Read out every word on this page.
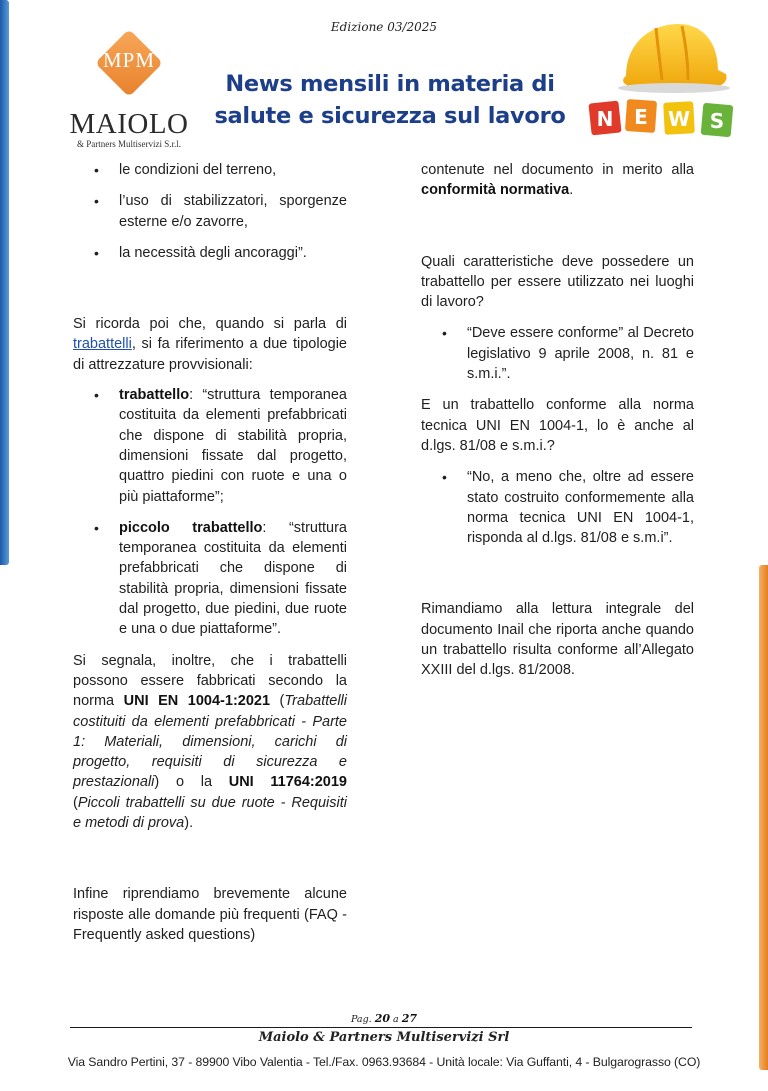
Edizione 03/2025
MPM
MAIOLO
& Partners Multiservizi S.r.l.
News mensili in materia di
salute e sicurezza sul lavoro	N E W S
• le condizioni del terreno,
• l’uso di stabilizzatori, sporgenze esterne e/o zavorre,
• la necessità degli ancoraggi”.

Si ricorda poi che, quando si parla di trabattelli, si fa riferimento a due tipologie di attrezzature provvisionali:

• trabattello: “struttura temporanea costituita da elementi prefabbricati che dispone di stabilità propria, dimensioni fissate dal progetto, quattro piedini con ruote e una o più piattaforme”;
• piccolo trabattello: “struttura temporanea costituita da elementi prefabbricati che dispone di stabilità propria, dimensioni fissate dal progetto, due piedini, due ruote e una o due piattaforme”.

Si segnala, inoltre, che i trabattelli possono essere fabbricati secondo la norma UNI EN 1004-1:2021 (Trabattelli costituiti da elementi prefabbricati - Parte 1: Materiali, dimensioni, carichi di progetto, requisiti di sicurezza e prestazionali) o la UNI 11764:2019 (Piccoli trabattelli su due ruote - Requisiti e metodi di prova).

Infine riprendiamo brevemente alcune risposte alle domande più frequenti (FAQ - Frequently asked questions)

contenute nel documento in merito alla conformità normativa.

Quali caratteristiche deve possedere un trabattello per essere utilizzato nei luoghi di lavoro?

• “Deve essere conforme” al Decreto legislativo 9 aprile 2008, n. 81 e s.m.i.”.

E un trabattello conforme alla norma tecnica UNI EN 1004-1, lo è anche al d.lgs. 81/08 e s.m.i.?

• “No, a meno che, oltre ad essere stato costruito conformemente alla norma tecnica UNI EN 1004-1, risponda al d.lgs. 81/08 e s.m.i”.

Rimandiamo alla lettura integrale del documento Inail che riporta anche quando un trabattello risulta conforme all’Allegato XXIII del d.lgs. 81/2008.

Pag. 20 a 27
Maiolo & Partners Multiservizi Srl
Via Sandro Pertini, 37 - 89900 Vibo Valentia - Tel./Fax. 0963.93684 - Unità locale: Via Guffanti, 4 - Bulgarograsso (CO)
